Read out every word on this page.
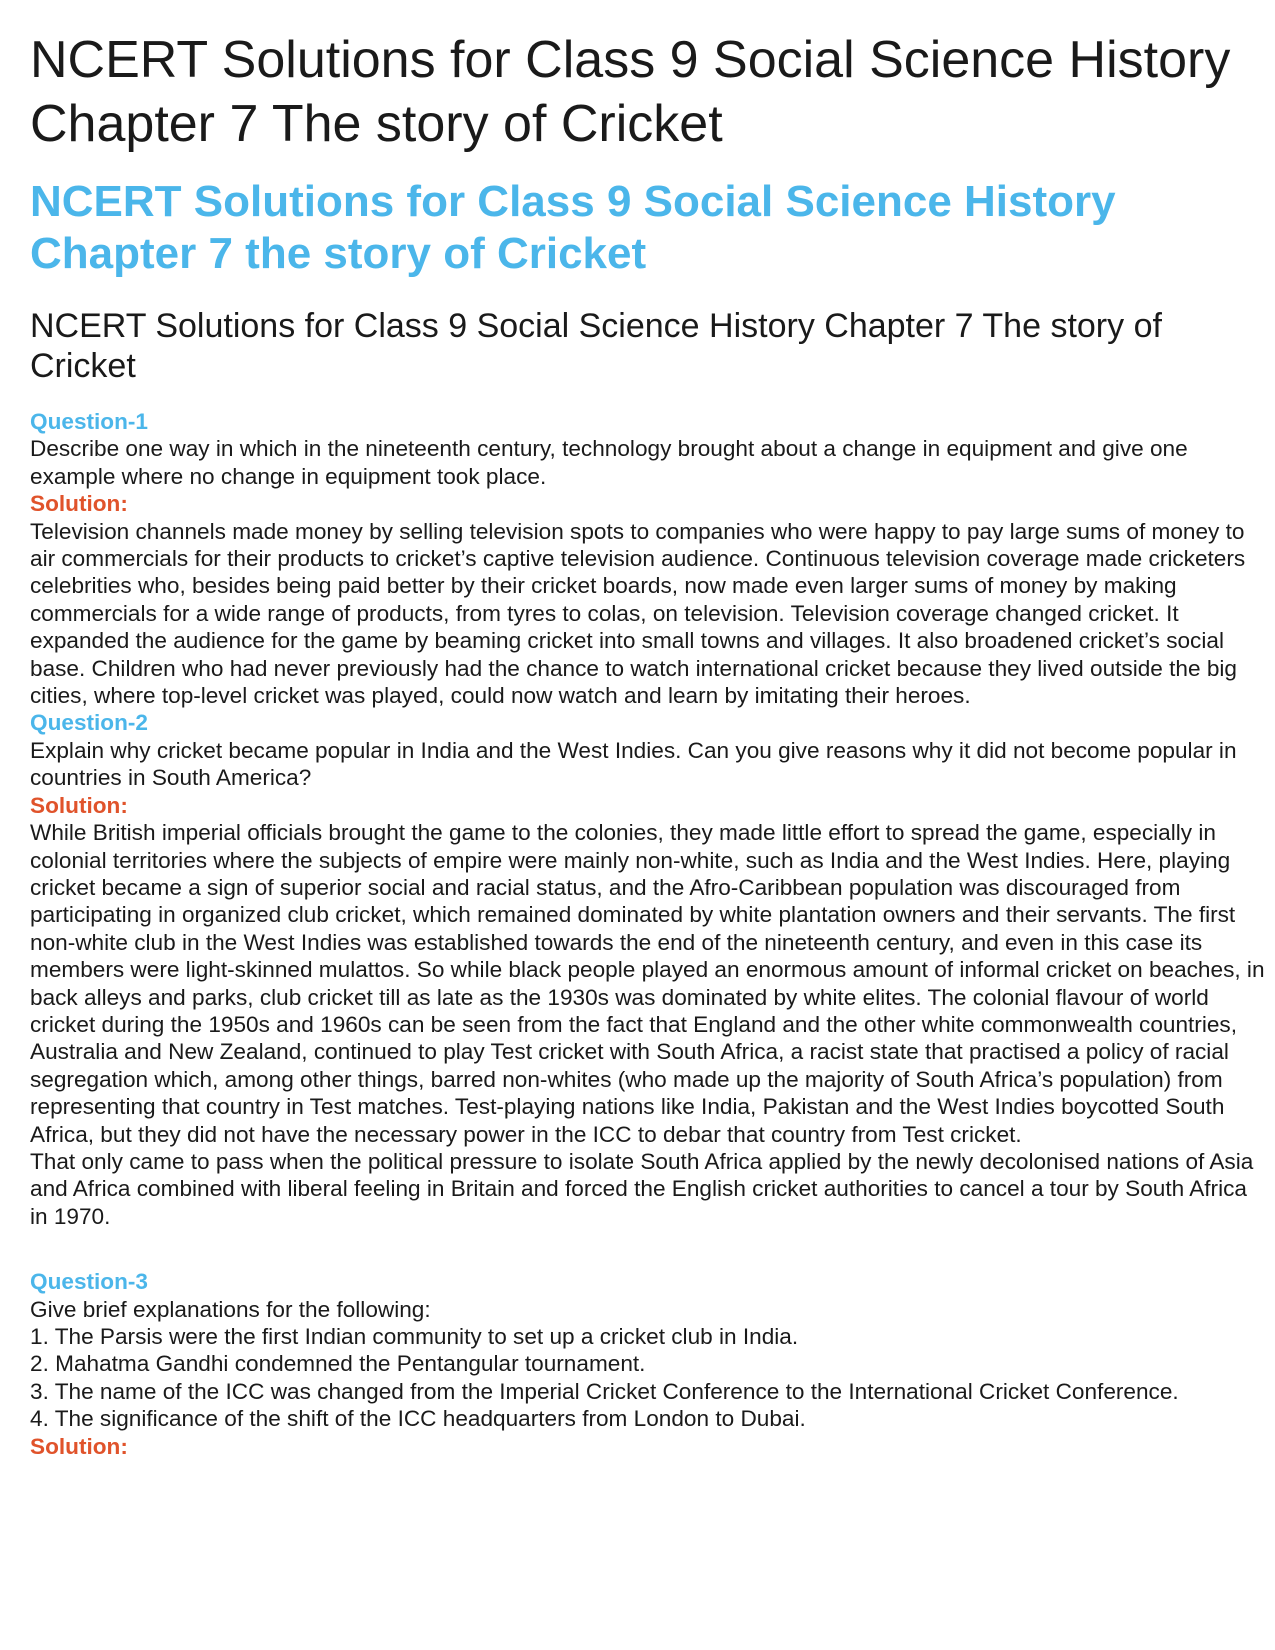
NCERT Solutions for Class 9 Social Science History Chapter 7 The story of Cricket
NCERT Solutions for Class 9 Social Science History Chapter 7 the story of Cricket
NCERT Solutions for Class 9 Social Science History Chapter 7 The story of Cricket
Question-1

Describe one way in which in the nineteenth century, technology brought about a change in equipment and give one example where no change in equipment took place.

Solution:

Television channels made money by selling television spots to companies who were happy to pay large sums of money to air commercials for their products to cricket’s captive television audience. Continuous television coverage made cricketers celebrities who, besides being paid better by their cricket boards, now made even larger sums of money by making commercials for a wide range of products, from tyres to colas, on television. Television coverage changed cricket. It expanded the audience for the game by beaming cricket into small towns and villages. It also broadened cricket’s social base. Children who had never previously had the chance to watch international cricket because they lived outside the big cities, where top-level cricket was played, could now watch and learn by imitating their heroes.

Question-2

Explain why cricket became popular in India and the West Indies. Can you give reasons why it did not become popular in countries in South America?

Solution:

While British imperial officials brought the game to the colonies, they made little effort to spread the game, especially in colonial territories where the subjects of empire were mainly non-white, such as India and the West Indies. Here, playing cricket became a sign of superior social and racial status, and the Afro-Caribbean population was discouraged from participating in organized club cricket, which remained dominated by white plantation owners and their servants. The first non-white club in the West Indies was established towards the end of the nineteenth century, and even in this case its members were light-skinned mulattos. So while black people played an enormous amount of informal cricket on beaches, in back alleys and parks, club cricket till as late as the 1930s was dominated by white elites. The colonial flavour of world cricket during the 1950s and 1960s can be seen from the fact that England and the other white commonwealth countries, Australia and New Zealand, continued to play Test cricket with South Africa, a racist state that practised a policy of racial segregation which, among other things, barred non-whites (who made up the majority of South Africa’s population) from representing that country in Test matches. Test-playing nations like India, Pakistan and the West Indies boycotted South Africa, but they did not have the necessary power in the ICC to debar that country from Test cricket.

That only came to pass when the political pressure to isolate South Africa applied by the newly decolonised nations of Asia and Africa combined with liberal feeling in Britain and forced the English cricket authorities to cancel a tour by South Africa in 1970.

Question-3

Give brief explanations for the following:

1. The Parsis were the first Indian community to set up a cricket club in India.
2. Mahatma Gandhi condemned the Pentangular tournament.
3. The name of the ICC was changed from the Imperial Cricket Conference to the International Cricket Conference.
4. The significance of the shift of the ICC headquarters from London to Dubai.
Solution:
